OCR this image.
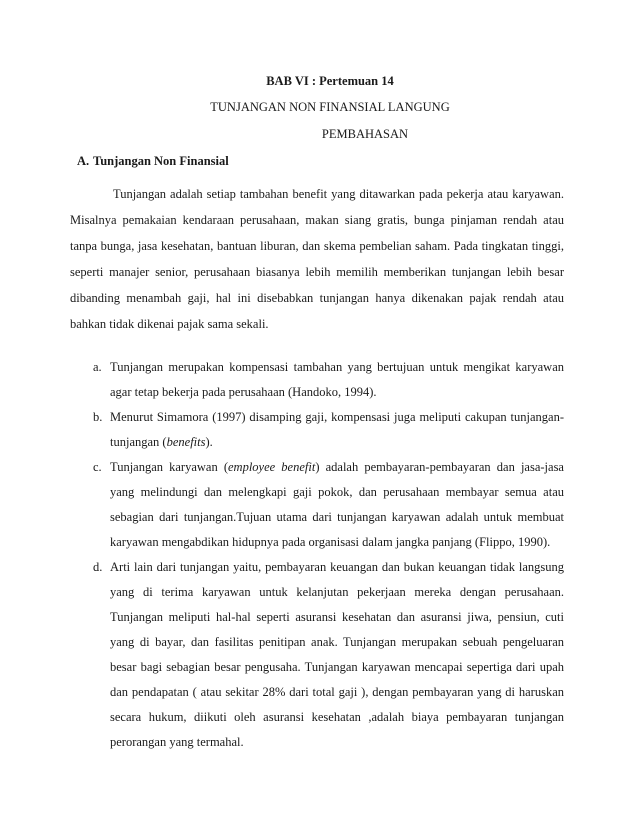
BAB VI : Pertemuan 14
TUNJANGAN NON FINANSIAL LANGUNG
PEMBAHASAN
A. Tunjangan Non Finansial

Tunjangan adalah setiap tambahan benefit yang ditawarkan pada pekerja atau karyawan. Misalnya pemakaian kendaraan perusahaan, makan siang gratis, bunga pinjaman rendah atau tanpa bunga, jasa kesehatan, bantuan liburan, dan skema pembelian saham. Pada tingkatan tinggi, seperti manajer senior, perusahaan biasanya lebih memilih memberikan tunjangan lebih besar dibanding menambah gaji, hal ini disebabkan tunjangan hanya dikenakan pajak rendah atau bahkan tidak dikenai pajak sama sekali.

a. Tunjangan merupakan kompensasi tambahan yang bertujuan untuk mengikat karyawan agar tetap bekerja pada perusahaan (Handoko, 1994).
b. Menurut Simamora (1997) disamping gaji, kompensasi juga meliputi cakupan tunjangan-tunjangan (benefits).
c. Tunjangan karyawan (employee benefit) adalah pembayaran-pembayaran dan jasa-jasa yang melindungi dan melengkapi gaji pokok, dan perusahaan membayar semua atau sebagian dari tunjangan.Tujuan utama dari tunjangan karyawan adalah untuk membuat karyawan mengabdikan hidupnya pada organisasi dalam jangka panjang (Flippo, 1990).
d. Arti lain dari tunjangan yaitu, pembayaran keuangan dan bukan keuangan tidak langsung yang di terima karyawan untuk kelanjutan pekerjaan mereka dengan perusahaan. Tunjangan meliputi hal-hal seperti asuransi kesehatan dan asuransi jiwa, pensiun, cuti yang di bayar, dan fasilitas penitipan anak. Tunjangan merupakan sebuah pengeluaran besar bagi sebagian besar pengusaha. Tunjangan karyawan mencapai sepertiga dari upah dan pendapatan ( atau sekitar 28% dari total gaji ), dengan pembayaran yang di haruskan secara hukum, diikuti oleh asuransi kesehatan ,adalah biaya pembayaran tunjangan perorangan yang termahal.
